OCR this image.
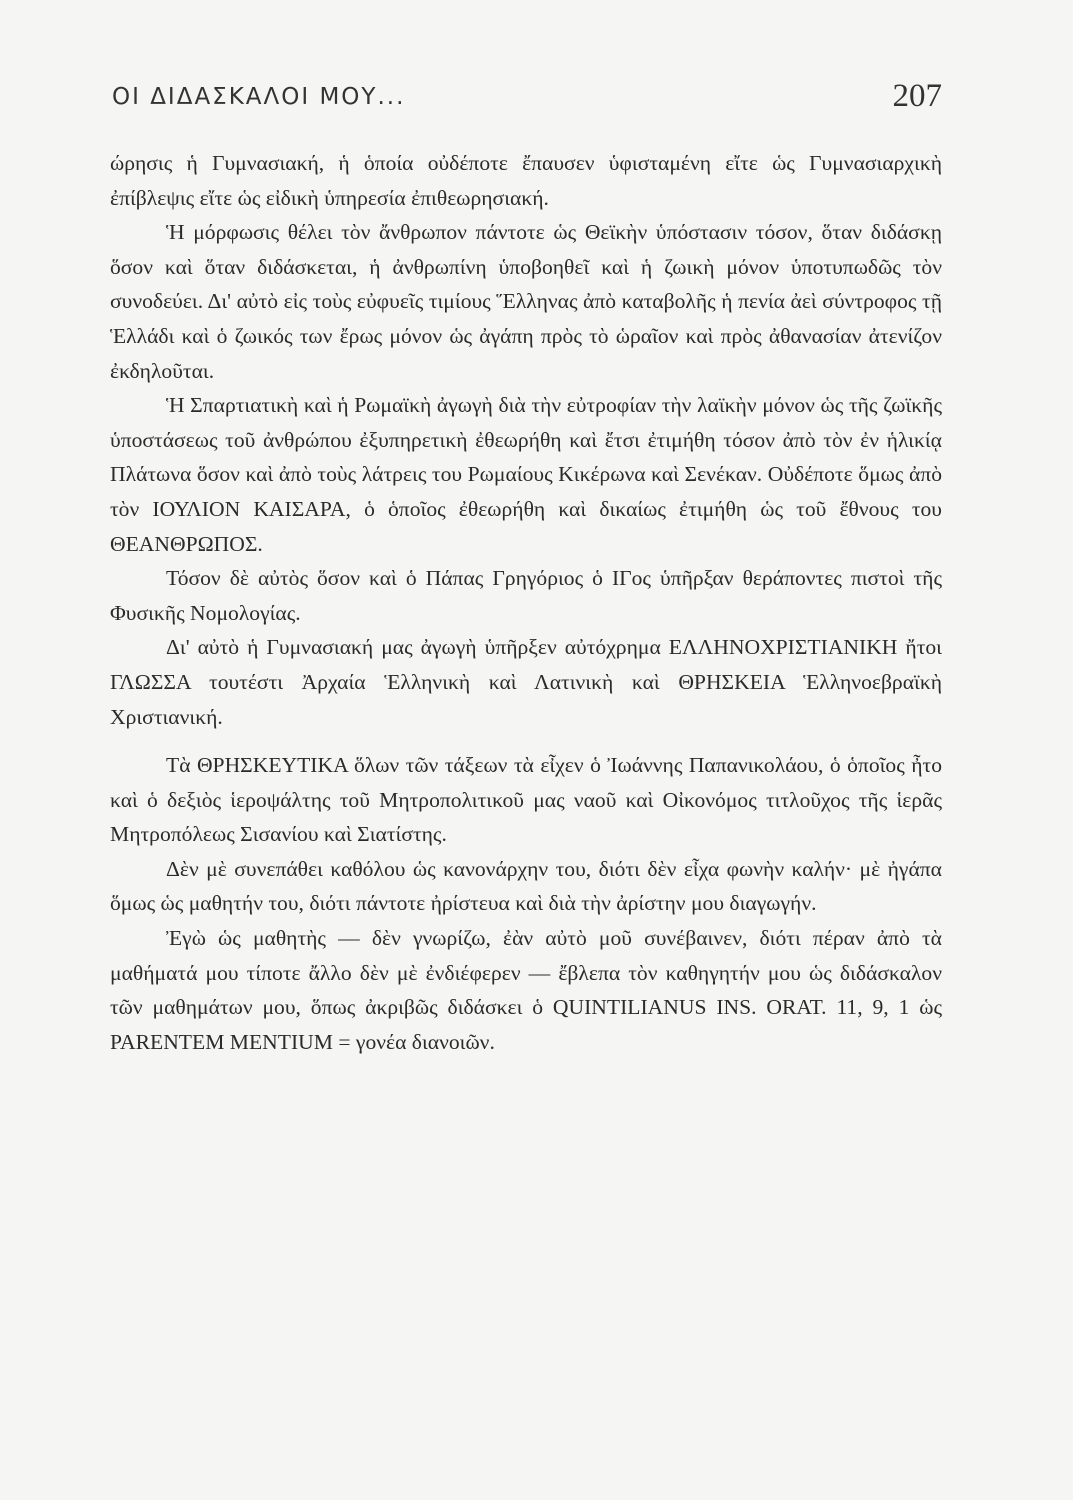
ΟΙ ΔΙΔΑΣΚΑΛΟΙ ΜΟΥ...	207

ώρησις ἡ Γυμνασιακή, ἡ ὁποία οὐδέποτε ἔπαυσεν ὑφισταμένη εἴτε ὡς Γυμνασιαρχικὴ ἐπίβλεψις εἴτε ὡς εἰδικὴ ὑπηρεσία ἐπιθεωρησιακή.

Ἡ μόρφωσις θέλει τὸν ἄνθρωπον πάντοτε ὡς Θεϊκὴν ὑπόστασιν τόσον, ὅταν διδάσκῃ ὅσον καὶ ὅταν διδάσκεται, ἡ ἀνθρωπίνη ὑποβοηθεῖ καὶ ἡ ζωικὴ μόνον ὑποτυπωδῶς τὸν συνοδεύει. Δι' αὐτὸ εἰς τοὺς εὐφυεῖς τιμίους Ἕλληνας ἀπὸ καταβολῆς ἡ πενία ἀεὶ σύντροφος τῇ Ἑλλάδι καὶ ὁ ζωικός των ἔρως μόνον ὡς ἀγάπη πρὸς τὸ ὡραῖον καὶ πρὸς ἀθανασίαν ἀτενίζον ἐκδηλοῦται.

Ἡ Σπαρτιατικὴ καὶ ἡ Ρωμαϊκὴ ἀγωγὴ διὰ τὴν εὐτροφίαν τὴν λαϊκὴν μόνον ὡς τῆς ζωϊκῆς ὑποστάσεως τοῦ ἀνθρώπου ἐξυπηρετικὴ ἐθεωρήθη καὶ ἔτσι ἐτιμήθη τόσον ἀπὸ τὸν ἐν ἡλικίᾳ Πλάτωνα ὅσον καὶ ἀπὸ τοὺς λάτρεις του Ρωμαίους Κικέρωνα καὶ Σενέκαν. Οὐδέποτε ὅμως ἀπὸ τὸν ΙΟΥΛΙΟΝ ΚΑΙΣΑΡΑ, ὁ ὁποῖος ἐθεωρήθη καὶ δικαίως ἐτιμήθη ὡς τοῦ ἔθνους του ΘΕΑΝΘΡΩΠΟΣ.

Τόσον δὲ αὐτὸς ὅσον καὶ ὁ Πάπας Γρηγόριος ὁ ΙΓος ὑπῆρξαν θεράποντες πιστοὶ τῆς Φυσικῆς Νομολογίας.

Δι' αὐτὸ ἡ Γυμνασιακή μας ἀγωγὴ ὑπῆρξεν αὐτόχρημα ΕΛΛΗΝΟΧΡΙΣΤΙΑΝΙΚΗ ἤτοι ΓΛΩΣΣΑ τουτέστι Ἀρχαία Ἑλληνικὴ καὶ Λατινικὴ καὶ ΘΡΗΣΚΕΙΑ Ἑλληνοεβραϊκὴ Χριστιανική.

Τὰ ΘΡΗΣΚΕΥΤΙΚΑ ὅλων τῶν τάξεων τὰ εἶχεν ὁ Ἰωάννης Παπανικολάου, ὁ ὁποῖος ἦτο καὶ ὁ δεξιὸς ἱεροψάλτης τοῦ Μητροπολιτικοῦ μας ναοῦ καὶ Οἰκονόμος τιτλοῦχος τῆς ἱερᾶς Μητροπόλεως Σισανίου καὶ Σιατίστης.

Δὲν μὲ συνεπάθει καθόλου ὡς κανονάρχην του, διότι δὲν εἶχα φωνὴν καλήν· μὲ ἠγάπα ὅμως ὡς μαθητήν του, διότι πάντοτε ἠρίστευα καὶ διὰ τὴν ἀρίστην μου διαγωγήν.

Ἐγὼ ὡς μαθητὴς — δὲν γνωρίζω, ἐὰν αὐτὸ μοῦ συνέβαινεν, διότι πέραν ἀπὸ τὰ μαθήματά μου τίποτε ἄλλο δὲν μὲ ἐνδιέφερεν — ἔβλεπα τὸν καθηγητήν μου ὡς διδάσκαλον τῶν μαθημάτων μου, ὅπως ἀκριβῶς διδάσκει ὁ QUINTILIANUS INS. ORAT. 11, 9, 1 ὡς PARENTEM MENTIUM = γονέα διανοιῶν.
